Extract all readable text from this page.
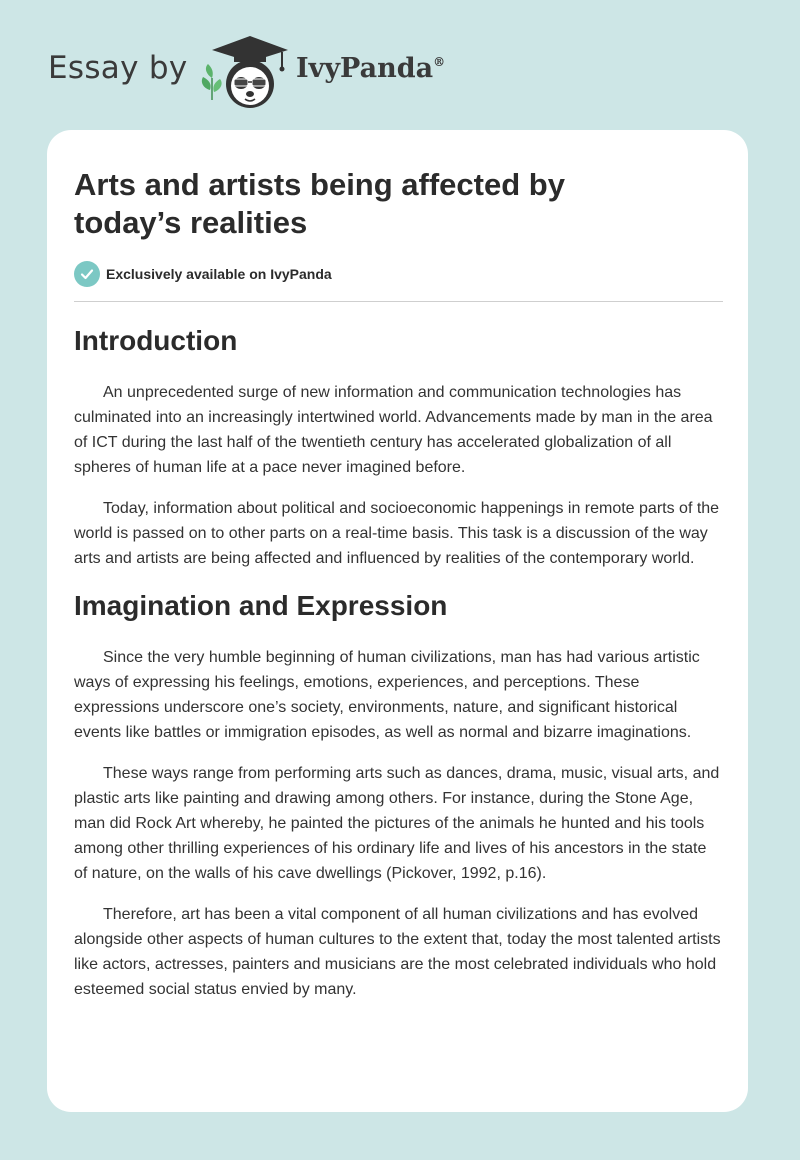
Essay by	IvyPanda®
Arts and artists being affected by today’s realities
Exclusively available on IvyPanda
Introduction

An unprecedented surge of new information and communication technologies has culminated into an increasingly intertwined world. Advancements made by man in the area of ICT during the last half of the twentieth century has accelerated globalization of all spheres of human life at a pace never imagined before.

Today, information about political and socioeconomic happenings in remote parts of the world is passed on to other parts on a real-time basis. This task is a discussion of the way arts and artists are being affected and influenced by realities of the contemporary world.

Imagination and Expression

Since the very humble beginning of human civilizations, man has had various artistic ways of expressing his feelings, emotions, experiences, and perceptions. These expressions underscore one’s society, environments, nature, and significant historical events like battles or immigration episodes, as well as normal and bizarre imaginations.

These ways range from performing arts such as dances, drama, music, visual arts, and plastic arts like painting and drawing among others. For instance, during the Stone Age, man did Rock Art whereby, he painted the pictures of the animals he hunted and his tools among other thrilling experiences of his ordinary life and lives of his ancestors in the state of nature, on the walls of his cave dwellings (Pickover, 1992, p.16).

Therefore, art has been a vital component of all human civilizations and has evolved alongside other aspects of human cultures to the extent that, today the most talented artists like actors, actresses, painters and musicians are the most celebrated individuals who hold esteemed social status envied by many.
